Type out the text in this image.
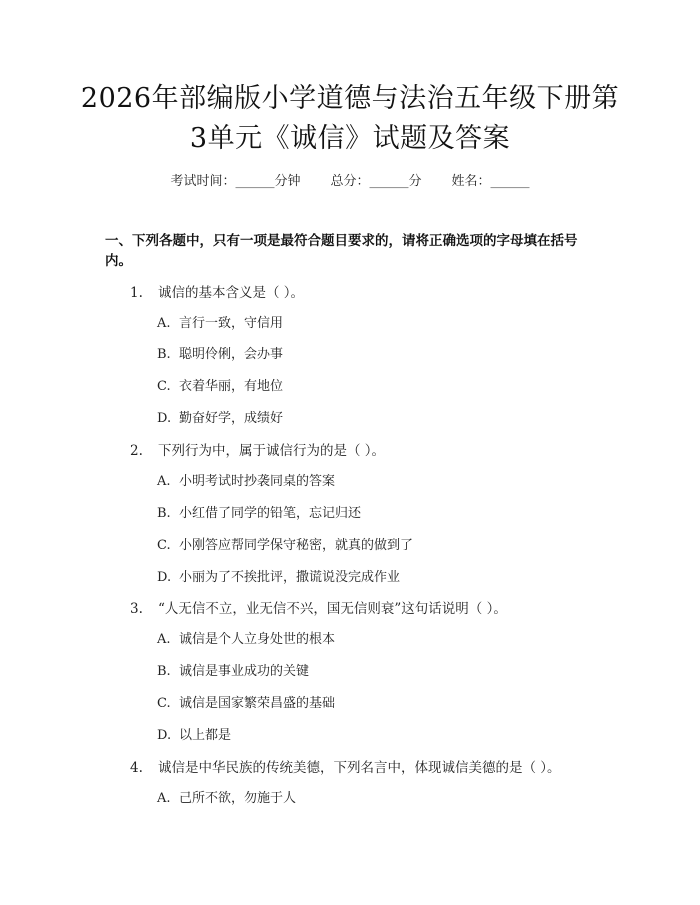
2026年部编版小学道德与法治五年级下册第
3单元《诚信》试题及答案
考试时间：______分钟 总分：______分 姓名：______
一、下列各题中，只有一项是最符合题目要求的，请将正确选项的字母填在括号
内。
1. 诚信的基本含义是（ ）。
A. 言行一致，守信用
B. 聪明伶俐，会办事
C. 衣着华丽，有地位
D. 勤奋好学，成绩好
2. 下列行为中，属于诚信行为的是（ ）。
A. 小明考试时抄袭同桌的答案
B. 小红借了同学的铅笔，忘记归还
C. 小刚答应帮同学保守秘密，就真的做到了
D. 小丽为了不挨批评，撒谎说没完成作业
3. “人无信不立，业无信不兴，国无信则衰”这句话说明（ ）。
A. 诚信是个人立身处世的根本
B. 诚信是事业成功的关键
C. 诚信是国家繁荣昌盛的基础
D. 以上都是
4. 诚信是中华民族的传统美德，下列名言中，体现诚信美德的是（ ）。
A. 己所不欲，勿施于人
